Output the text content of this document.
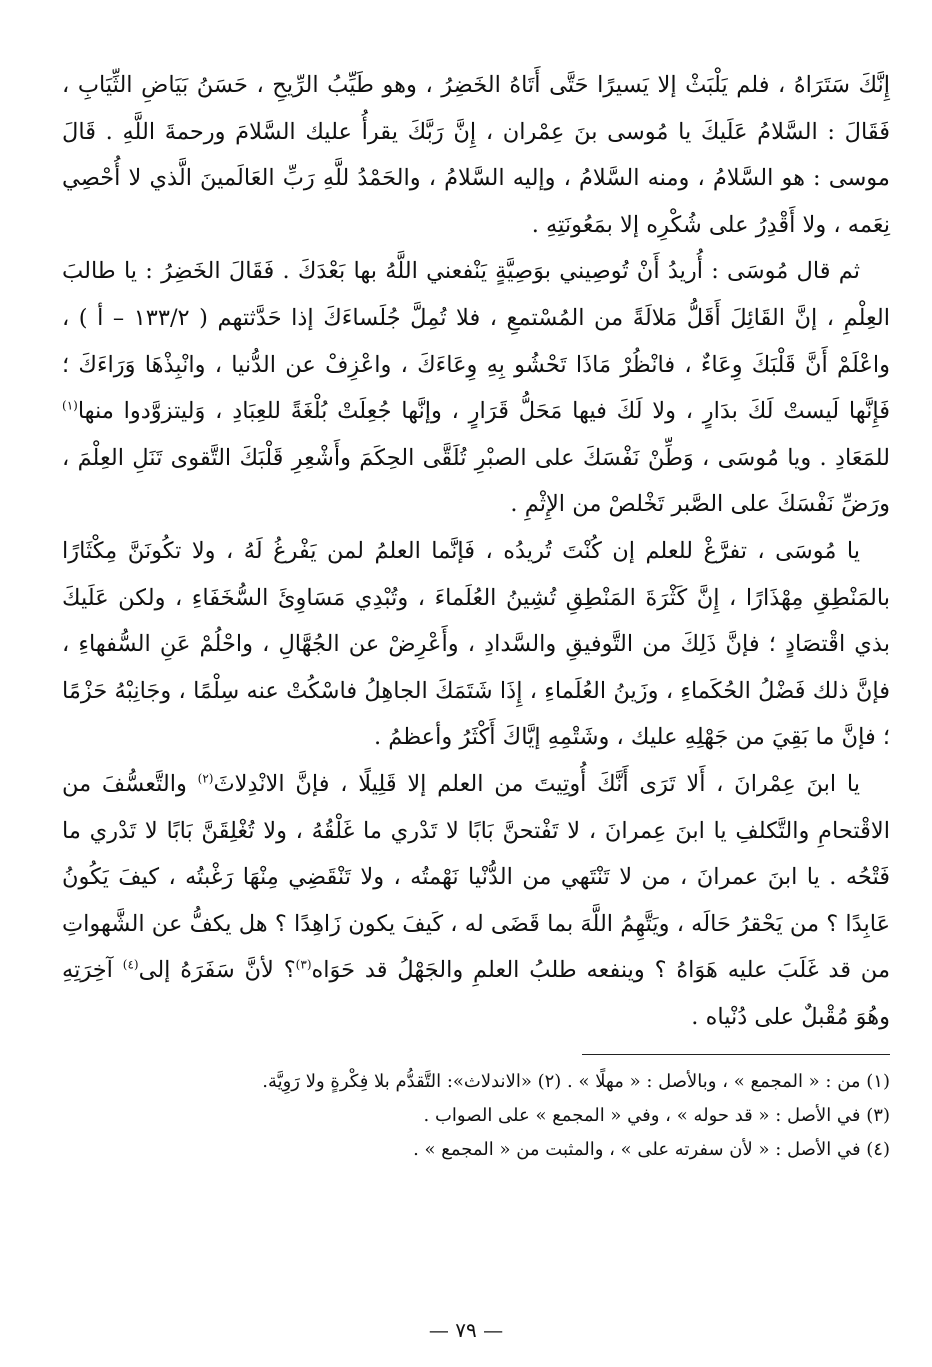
إِنَّكَ سَتَرَاهُ ، فلم يَلْبَثْ إلا يَسيرًا حَتَّى أَتَاهُ الخَضِرُ ، وهو طَيِّبُ الرِّيحِ ، حَسَنُ بَيَاضِ الثِّيَابِ ، فَقَالَ : السَّلامُ عَلَيكَ يا مُوسى بنَ عِمْران ، إِنَّ رَبَّكَ يقرأُ عليك السَّلامَ ورحمةَ اللَّهِ . قَالَ موسى : هو السَّلامُ ، ومنه السَّلامُ ، وإليه السَّلامُ ، والحَمْدُ للَّهِ رَبِّ العَالَمينَ الَّذي لا أُحْصِي نِعَمه ، ولا أَقْدِرُ على شُكْرِه إلا بمَعُونَتِهِ .

ثم قال مُوسَى : أُريدُ أَنْ تُوصِيني بوَصِيَّةٍ يَنْفعني اللَّهُ بها بَعْدَكَ . فَقَالَ الخَضِرُ : يا طالبَ العِلْمِ ، إنَّ القَائِلَ أَقَلُّ مَلالَةً من المُسْتمعِ ، فلا تُمِلَّ جُلَساءَكَ إذا حَدَّثتهم ( ١٣٣/٢ – أ ) ، واعْلَمْ أَنَّ قَلْبَكَ وِعَاءٌ ، فانْظُرْ مَاذَا تَحْشُو بِهِ وِعَاءَكَ ، واعْزِفْ عن الدُّنيا ، وانْبِذْهَا وَرَاءَكَ ؛ فَإِنَّها لَيستْ لَكَ بدَارٍ ، ولا لَكَ فيها مَحَلُّ قَرَارٍ ، وإنَّها جُعِلَتْ بُلْغَةً للعِبَادِ ، وَليتزوَّدوا منها$^{(١)}$ للمَعَادِ . ويا مُوسَى ، وَطِّنْ نَفْسَكَ على الصبْرِ تُلَقَّى الحِكَمَ وأَشْعِرِ قَلْبَكَ التَّقوى تَنَلِ العِلْمَ ، ورَضِّ نَفْسَكَ على الصَّبر تَخْلصْ من الإِثْمِ .

يا مُوسَى ، تفرَّغْ للعلم إن كُنْتَ تُريدُه ، فَإنَّما العلمُ لمن يَفْرغُ لَهُ ، ولا تكُونَنَّ مِكْثَارًا بالمَنْطِقِ مِهْذَارًا ، إِنَّ كَثْرَةَ المَنْطِقِ تُشِينُ العُلَماءَ ، وتُبْدِي مَسَاوِئَ السُّخَفَاءِ ، ولكن عَلَيكَ بذي اقْتصَادٍ ؛ فإنَّ ذَلِكَ من التَّوفيقِ والسَّدادِ ، وأَعْرِضْ عن الجُهَّالِ ، واحْلُمْ عَنِ السُّفهاءِ ، فإنَّ ذلك فَضْلُ الحُكَماءِ ، وزَينُ العُلَماءِ ، إِذَا شَتَمَكَ الجاهِلُ فاسْكُتْ عنه سِلْمًا ، وجَانِبْهُ حَزْمًا ؛ فإنَّ ما بَقِيَ من جَهْلِهِ عليك ، وشَتْمِهِ إيَّاكَ أَكْثَرُ وأعظمُ .

يا ابنَ عِمْرانَ ، أَلا تَرَى أَنَّكَ أُوتِيتَ من العلم إلا قَلِيلًا ، فإنَّ الانْدِلاثَ$^{(٢)}$ والتَّعسُّفَ من الاقْتحامِ والتَّكلفِ يا ابنَ عِمرانَ ، لا تَفْتحنَّ بَابًا لا تَدْري ما غَلْقُهُ ، ولا تُغْلِقَنَّ بَابًا لا تَدْري ما فَتْحُه . يا ابنَ عمرانَ ، من لا تَنْتَهي من الدُّنْيا نَهْمتُه ، ولا تَنْقَضِي مِنْهَا رَغْبتُه ، كيفَ يَكُونُ عَابِدًا ؟ من يَحْقرُ حَالَه ، ويَتَّهِمُ اللَّهَ بما قَضَى له ، كَيفَ يكون زَاهِدًا ؟ هل يكفُّ عن الشَّهواتِ من قد غَلَبَ عليه هَوَاهُ ؟ وينفعه طلبُ العلمِ والجَهْلُ قد حَوَاه$^{(٣)}$؟ لأنَّ سَفَرَهُ إلى$^{(٤)}$ آخِرَتِهِ وهُوَ مُقْبلٌ على دُنْياه .

(١) من : « المجمع » ، وبالأصل : « مهلًا » . (٢) «الاندلاث»: التَّقدُّم بلا فِكْرةٍ ولا رَوِيَّة.

(٣) في الأصل : « قد حوله » ، وفي « المجمع » على الصواب .

(٤) في الأصل : « لأن سفرته على » ، والمثبت من « المجمع » .

— ٧٩ —
